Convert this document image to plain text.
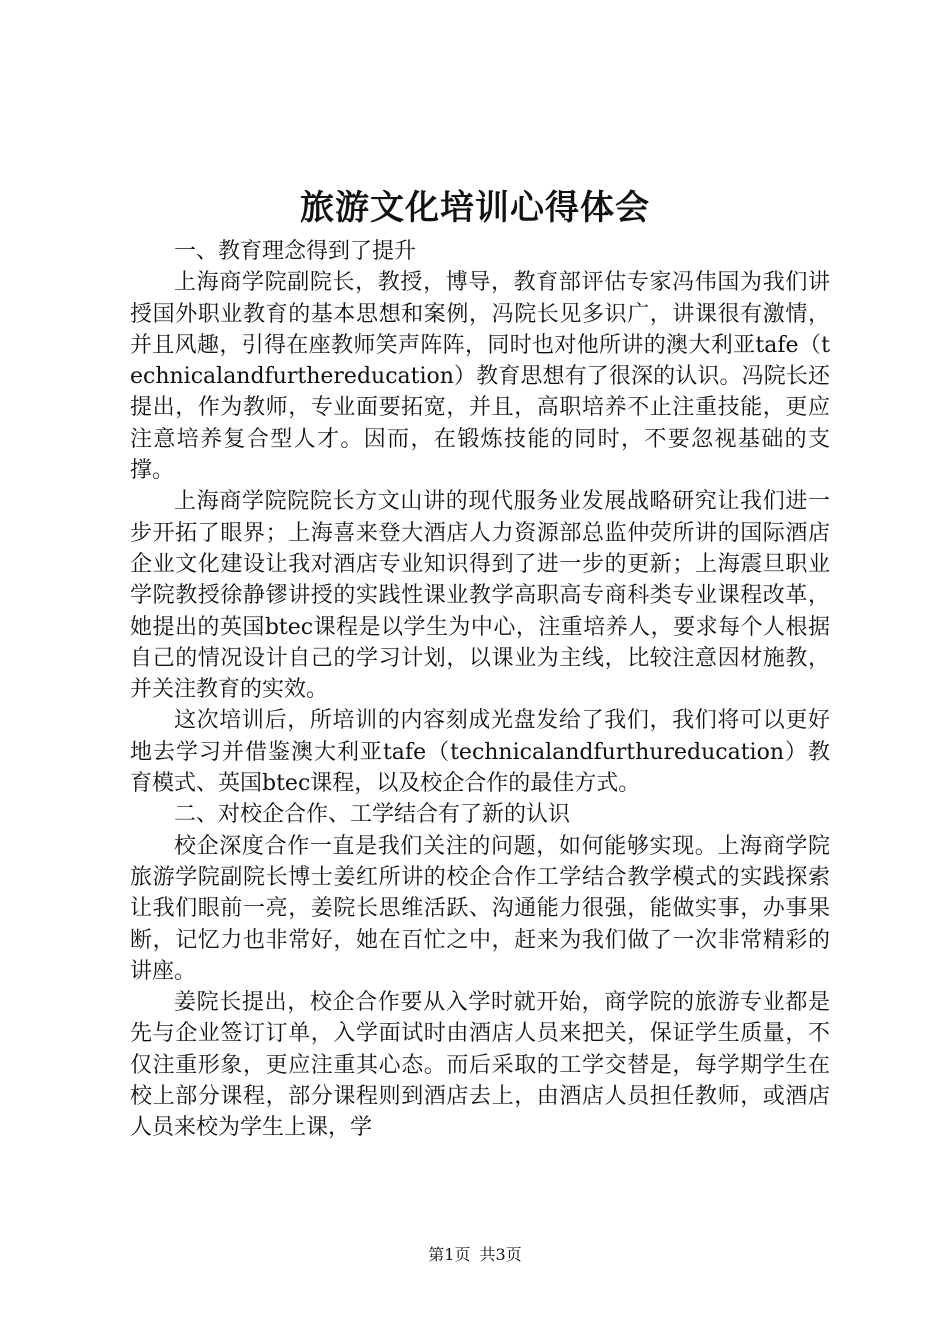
旅游文化培训心得体会

一、教育理念得到了提升

上海商学院副院长，教授，博导，教育部评估专家冯伟国为我们讲授国外职业教育的基本思想和案例，冯院长见多识广，讲课很有激情，并且风趣，引得在座教师笑声阵阵，同时也对他所讲的澳大利亚tafe（technicalandfurthereducation）教育思想有了很深的认识。冯院长还提出，作为教师，专业面要拓宽，并且，高职培养不止注重技能，更应注意培养复合型人才。因而，在锻炼技能的同时，不要忽视基础的支撑。

上海商学院院院长方文山讲的现代服务业发展战略研究让我们进一步开拓了眼界；上海喜来登大酒店人力资源部总监仲荧所讲的国际酒店企业文化建设让我对酒店专业知识得到了进一步的更新；上海震旦职业学院教授徐静镠讲授的实践性课业教学高职高专商科类专业课程改革，她提出的英国btec课程是以学生为中心，注重培养人，要求每个人根据自己的情况设计自己的学习计划，以课业为主线，比较注意因材施教，并关注教育的实效。

这次培训后，所培训的内容刻成光盘发给了我们，我们将可以更好地去学习并借鉴澳大利亚tafe（technicalandfurthureducation）教育模式、英国btec课程，以及校企合作的最佳方式。

二、对校企合作、工学结合有了新的认识

校企深度合作一直是我们关注的问题，如何能够实现。上海商学院旅游学院副院长博士姜红所讲的校企合作工学结合教学模式的实践探索让我们眼前一亮，姜院长思维活跃、沟通能力很强，能做实事，办事果断，记忆力也非常好，她在百忙之中，赶来为我们做了一次非常精彩的讲座。

姜院长提出，校企合作要从入学时就开始，商学院的旅游专业都是先与企业签订订单，入学面试时由酒店人员来把关，保证学生质量，不仅注重形象，更应注重其心态。而后采取的工学交替是，每学期学生在校上部分课程，部分课程则到酒店去上，由酒店人员担任教师，或酒店人员来校为学生上课，学

第1页 共3页
